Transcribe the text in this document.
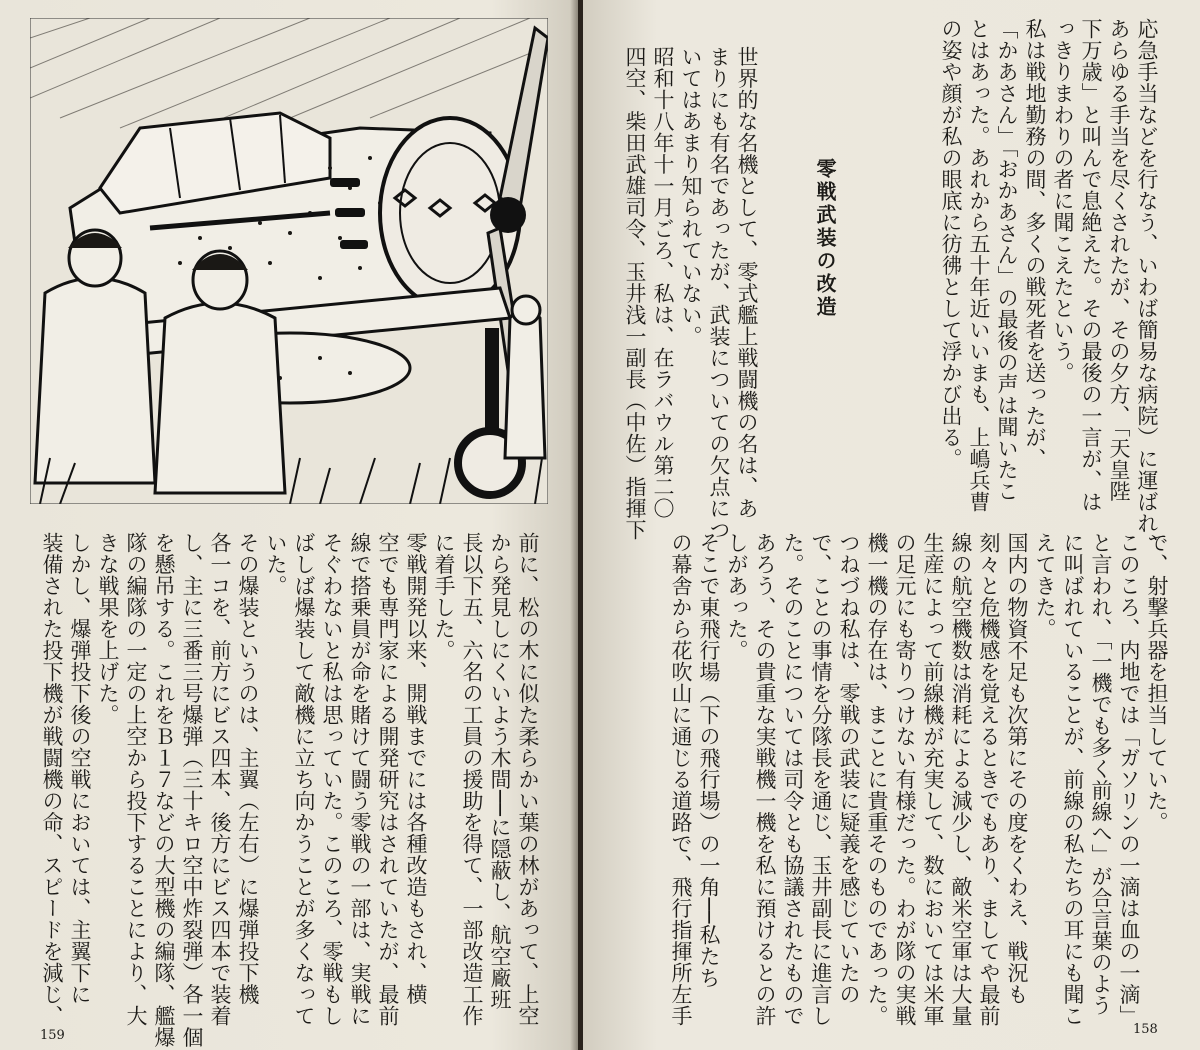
前に、松の木に似た柔らかい葉の林があって、上空
から発見しにくいよう木間──に隠蔽し、航空廠班
長以下五、六名の工員の援助を得て、一部改造工作
に着手した。
零戦開発以来、開戦までには各種改造もされ、横
空でも専門家による開発研究はされていたが、最前
線で搭乗員が命を賭けて闘う零戦の一部は、実戦に
そぐわないと私は思っていた。このころ、零戦もし
ばしば爆装して敵機に立ち向かうことが多くなって
いた。
その爆装というのは、主翼（左右）に爆弾投下機
各一コを、前方にビス四本、後方にビス四本で装着
し、主に三番三号爆弾（三十キロ空中炸裂弾）各一個
を懸吊する。これをＢ１７などの大型機の編隊、艦爆
隊の編隊の一定の上空から投下することにより、大
きな戦果を上げた。
しかし、爆弾投下後の空戦においては、主翼下に
装備された投下機が戦闘機の命、スピードを減じ、
159
応急手当などを行なう、いわば簡易な病院）に運ばれ、
あらゆる手当を尽くされたが、その夕方、「天皇陛
下万歳」と叫んで息絶えた。その最後の一言が、は
っきりまわりの者に聞こえたという。
私は戦地勤務の間、多くの戦死者を送ったが、
「かあさん」「おかあさん」の最後の声は聞いたこ
とはあった。あれから五十年近いいまも、上嶋兵曹
の姿や顔が私の眼底に彷彿として浮かび出る。
零戦武装の改造
世界的な名機として、零式艦上戦闘機の名は、あ
まりにも有名であったが、武装についての欠点につ
いてはあまり知られていない。
昭和十八年十一月ごろ、私は、在ラバウル第二〇
四空、柴田武雄司令、玉井浅一副長（中佐）指揮下
で、射撃兵器を担当していた。
このころ、内地では「ガソリンの一滴は血の一滴」
と言われ、「一機でも多く前線へ」が合言葉のよう
に叫ばれていることが、前線の私たちの耳にも聞こ
えてきた。
国内の物資不足も次第にその度をくわえ、戦況も
刻々と危機感を覚えるときでもあり、ましてや最前
線の航空機数は消耗による減少し、敵米空軍は大量
生産によって前線機が充実して、数においては米軍
の足元にも寄りつけない有様だった。わが隊の実戦
機一機の存在は、まことに貴重そのものであった。
つねづね私は、零戦の武装に疑義を感じていたの
で、ことの事情を分隊長を通じ、玉井副長に進言し
た。そのことについては司令とも協議されたもので
あろう、その貴重な実戦機一機を私に預けるとの許
しがあった。
そこで東飛行場（下の飛行場）の一角──私たち
の幕舎から花吹山に通じる道路で、飛行指揮所左手
158
